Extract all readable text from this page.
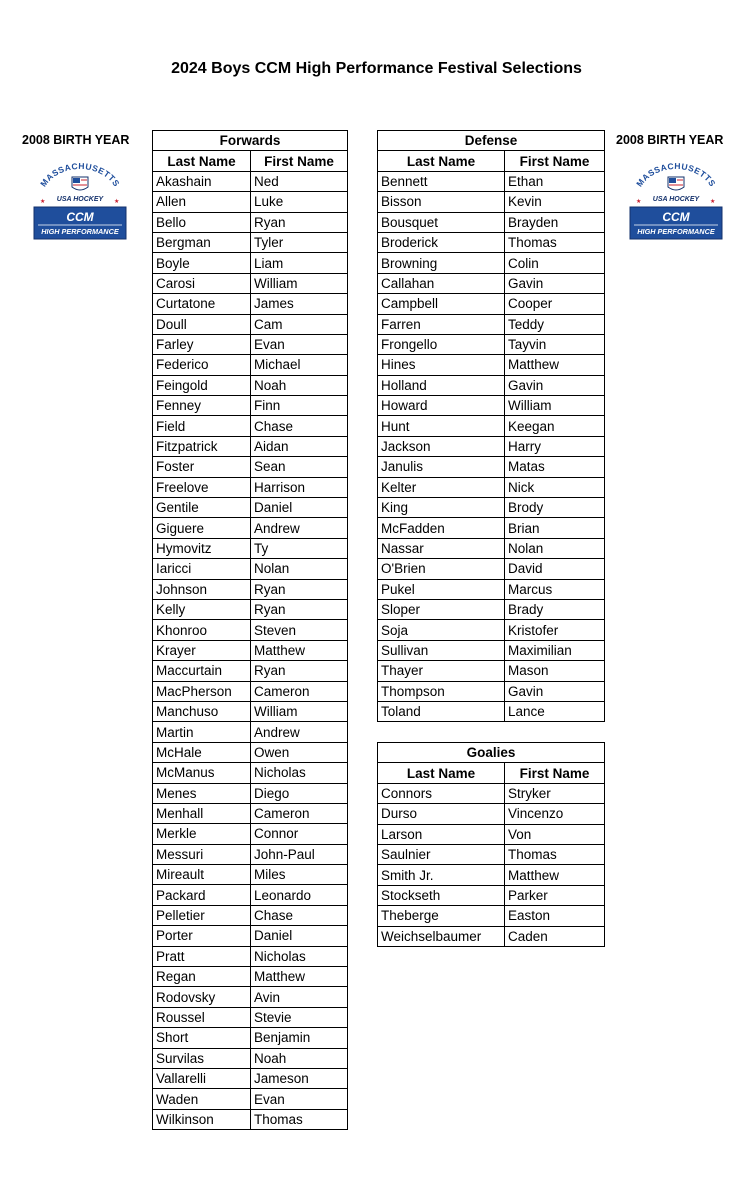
2024 Boys CCM High Performance Festival Selections
2008 BIRTH YEAR	2008 BIRTH YEAR
MASSACHUSETTS
★	★
USA HOCKEY
CCM
HIGH PERFORMANCE
MASSACHUSETTS
★	★
USA HOCKEY
CCM
HIGH PERFORMANCE
Forwards	
Last Name	First Name
Akashain	Ned
Allen	Luke
Bello	Ryan
Bergman	Tyler
Boyle	Liam
Carosi	William
Curtatone	James
Doull	Cam
Farley	Evan
Federico	Michael
Feingold	Noah
Fenney	Finn
Field	Chase
Fitzpatrick	Aidan
Foster	Sean
Freelove	Harrison
Gentile	Daniel
Giguere	Andrew
Hymovitz	Ty
Iaricci	Nolan
Johnson	Ryan
Kelly	Ryan
Khonroo	Steven
Krayer	Matthew
Maccurtain	Ryan
MacPherson	Cameron
Manchuso	William
Martin	Andrew
McHale	Owen
McManus	Nicholas
Menes	Diego
Menhall	Cameron
Merkle	Connor
Messuri	John-Paul
Mireault	Miles
Packard	Leonardo
Pelletier	Chase
Porter	Daniel
Pratt	Nicholas
Regan	Matthew
Rodovsky	Avin
Roussel	Stevie
Short	Benjamin
Survilas	Noah
Vallarelli	Jameson
Waden	Evan
Wilkinson	Thomas
Defense	
Last Name	First Name
Bennett	Ethan
Bisson	Kevin
Bousquet	Brayden
Broderick	Thomas
Browning	Colin
Callahan	Gavin
Campbell	Cooper
Farren	Teddy
Frongello	Tayvin
Hines	Matthew
Holland	Gavin
Howard	William
Hunt	Keegan
Jackson	Harry
Janulis	Matas
Kelter	Nick
King	Brody
McFadden	Brian
Nassar	Nolan
O'Brien	David
Pukel	Marcus
Sloper	Brady
Soja	Kristofer
Sullivan	Maximilian
Thayer	Mason
Thompson	Gavin
Toland	Lance
Goalies	
Last Name	First Name
Connors	Stryker
Durso	Vincenzo
Larson	Von
Saulnier	Thomas
Smith Jr.	Matthew
Stockseth	Parker
Theberge	Easton
Weichselbaumer	Caden
